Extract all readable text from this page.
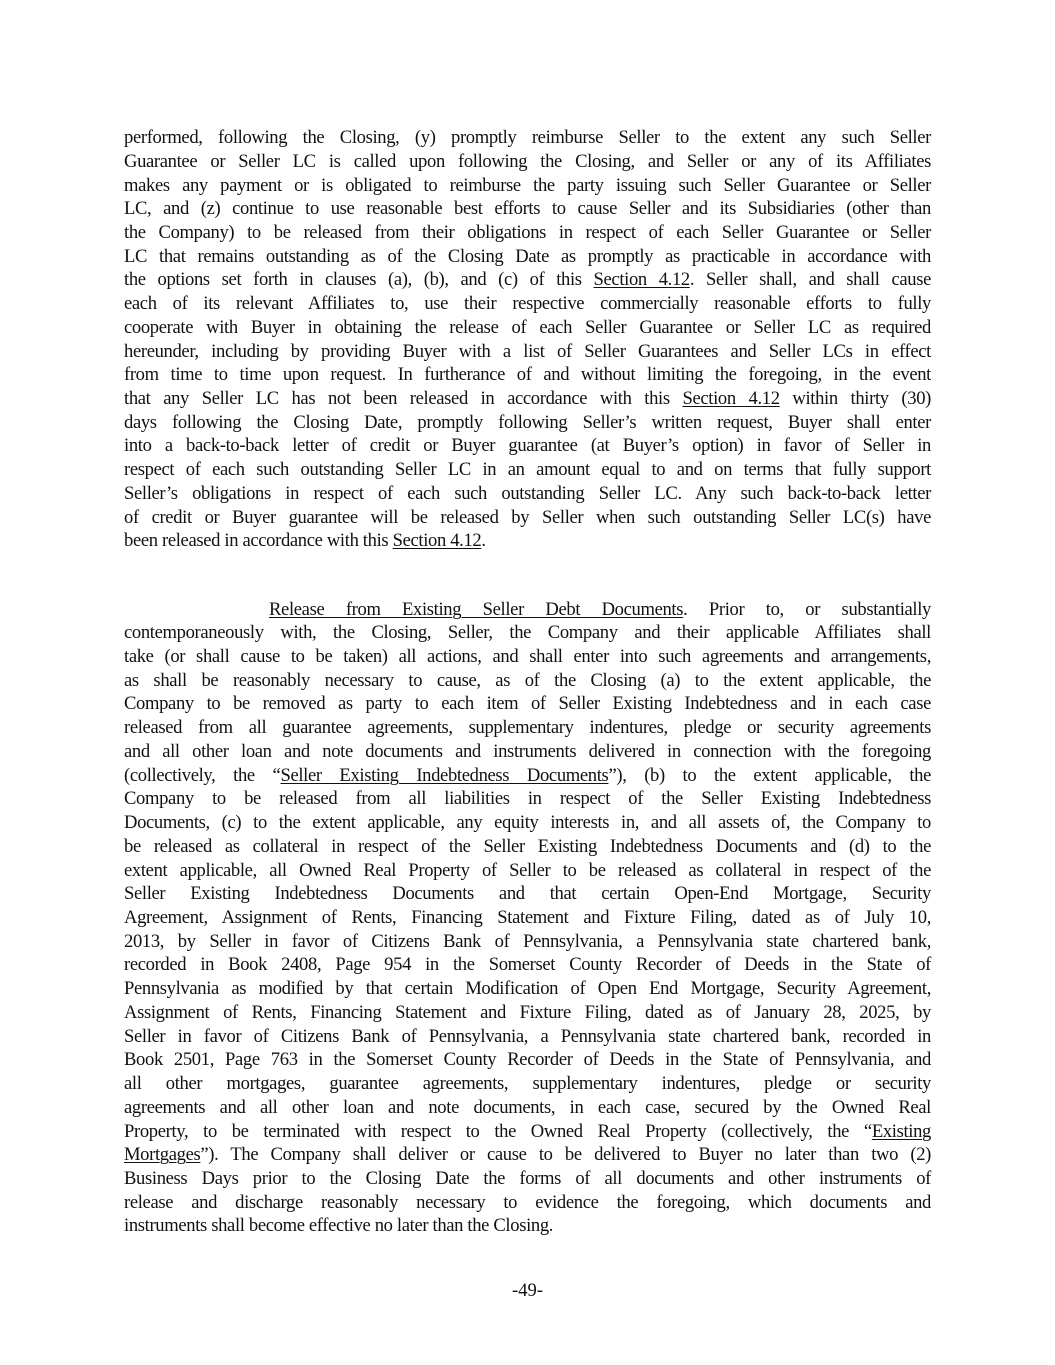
performed, following the Closing, (y) promptly reimburse Seller to the extent any such Seller
Guarantee or Seller LC is called upon following the Closing, and Seller or any of its Affiliates
makes any payment or is obligated to reimburse the party issuing such Seller Guarantee or Seller
LC, and (z) continue to use reasonable best efforts to cause Seller and its Subsidiaries (other than
the Company) to be released from their obligations in respect of each Seller Guarantee or Seller
LC that remains outstanding as of the Closing Date as promptly as practicable in accordance with
the options set forth in clauses (a), (b), and (c) of this Section 4.12. Seller shall, and shall cause
each of its relevant Affiliates to, use their respective commercially reasonable efforts to fully
cooperate with Buyer in obtaining the release of each Seller Guarantee or Seller LC as required
hereunder, including by providing Buyer with a list of Seller Guarantees and Seller LCs in effect
from time to time upon request. In furtherance of and without limiting the foregoing, in the event
that any Seller LC has not been released in accordance with this Section 4.12 within thirty (30)
days following the Closing Date, promptly following Seller’s written request, Buyer shall enter
into a back-to-back letter of credit or Buyer guarantee (at Buyer’s option) in favor of Seller in
respect of each such outstanding Seller LC in an amount equal to and on terms that fully support
Seller’s obligations in respect of each such outstanding Seller LC. Any such back-to-back letter
of credit or Buyer guarantee will be released by Seller when such outstanding Seller LC(s) have
been released in accordance with this Section 4.12.
Release from Existing Seller Debt Documents. Prior to, or substantially
contemporaneously with, the Closing, Seller, the Company and their applicable Affiliates shall
take (or shall cause to be taken) all actions, and shall enter into such agreements and arrangements,
as shall be reasonably necessary to cause, as of the Closing (a) to the extent applicable, the
Company to be removed as party to each item of Seller Existing Indebtedness and in each case
released from all guarantee agreements, supplementary indentures, pledge or security agreements
and all other loan and note documents and instruments delivered in connection with the foregoing
(collectively, the “Seller Existing Indebtedness Documents”), (b) to the extent applicable, the
Company to be released from all liabilities in respect of the Seller Existing Indebtedness
Documents, (c) to the extent applicable, any equity interests in, and all assets of, the Company to
be released as collateral in respect of the Seller Existing Indebtedness Documents and (d) to the
extent applicable, all Owned Real Property of Seller to be released as collateral in respect of the
Seller Existing Indebtedness Documents and that certain Open-End Mortgage, Security
Agreement, Assignment of Rents, Financing Statement and Fixture Filing, dated as of July 10,
2013, by Seller in favor of Citizens Bank of Pennsylvania, a Pennsylvania state chartered bank,
recorded in Book 2408, Page 954 in the Somerset County Recorder of Deeds in the State of
Pennsylvania as modified by that certain Modification of Open End Mortgage, Security Agreement,
Assignment of Rents, Financing Statement and Fixture Filing, dated as of January 28, 2025, by
Seller in favor of Citizens Bank of Pennsylvania, a Pennsylvania state chartered bank, recorded in
Book 2501, Page 763 in the Somerset County Recorder of Deeds in the State of Pennsylvania, and
all other mortgages, guarantee agreements, supplementary indentures, pledge or security
agreements and all other loan and note documents, in each case, secured by the Owned Real
Property, to be terminated with respect to the Owned Real Property (collectively, the “Existing
Mortgages”). The Company shall deliver or cause to be delivered to Buyer no later than two (2)
Business Days prior to the Closing Date the forms of all documents and other instruments of
release and discharge reasonably necessary to evidence the foregoing, which documents and
instruments shall become effective no later than the Closing.
-49-
